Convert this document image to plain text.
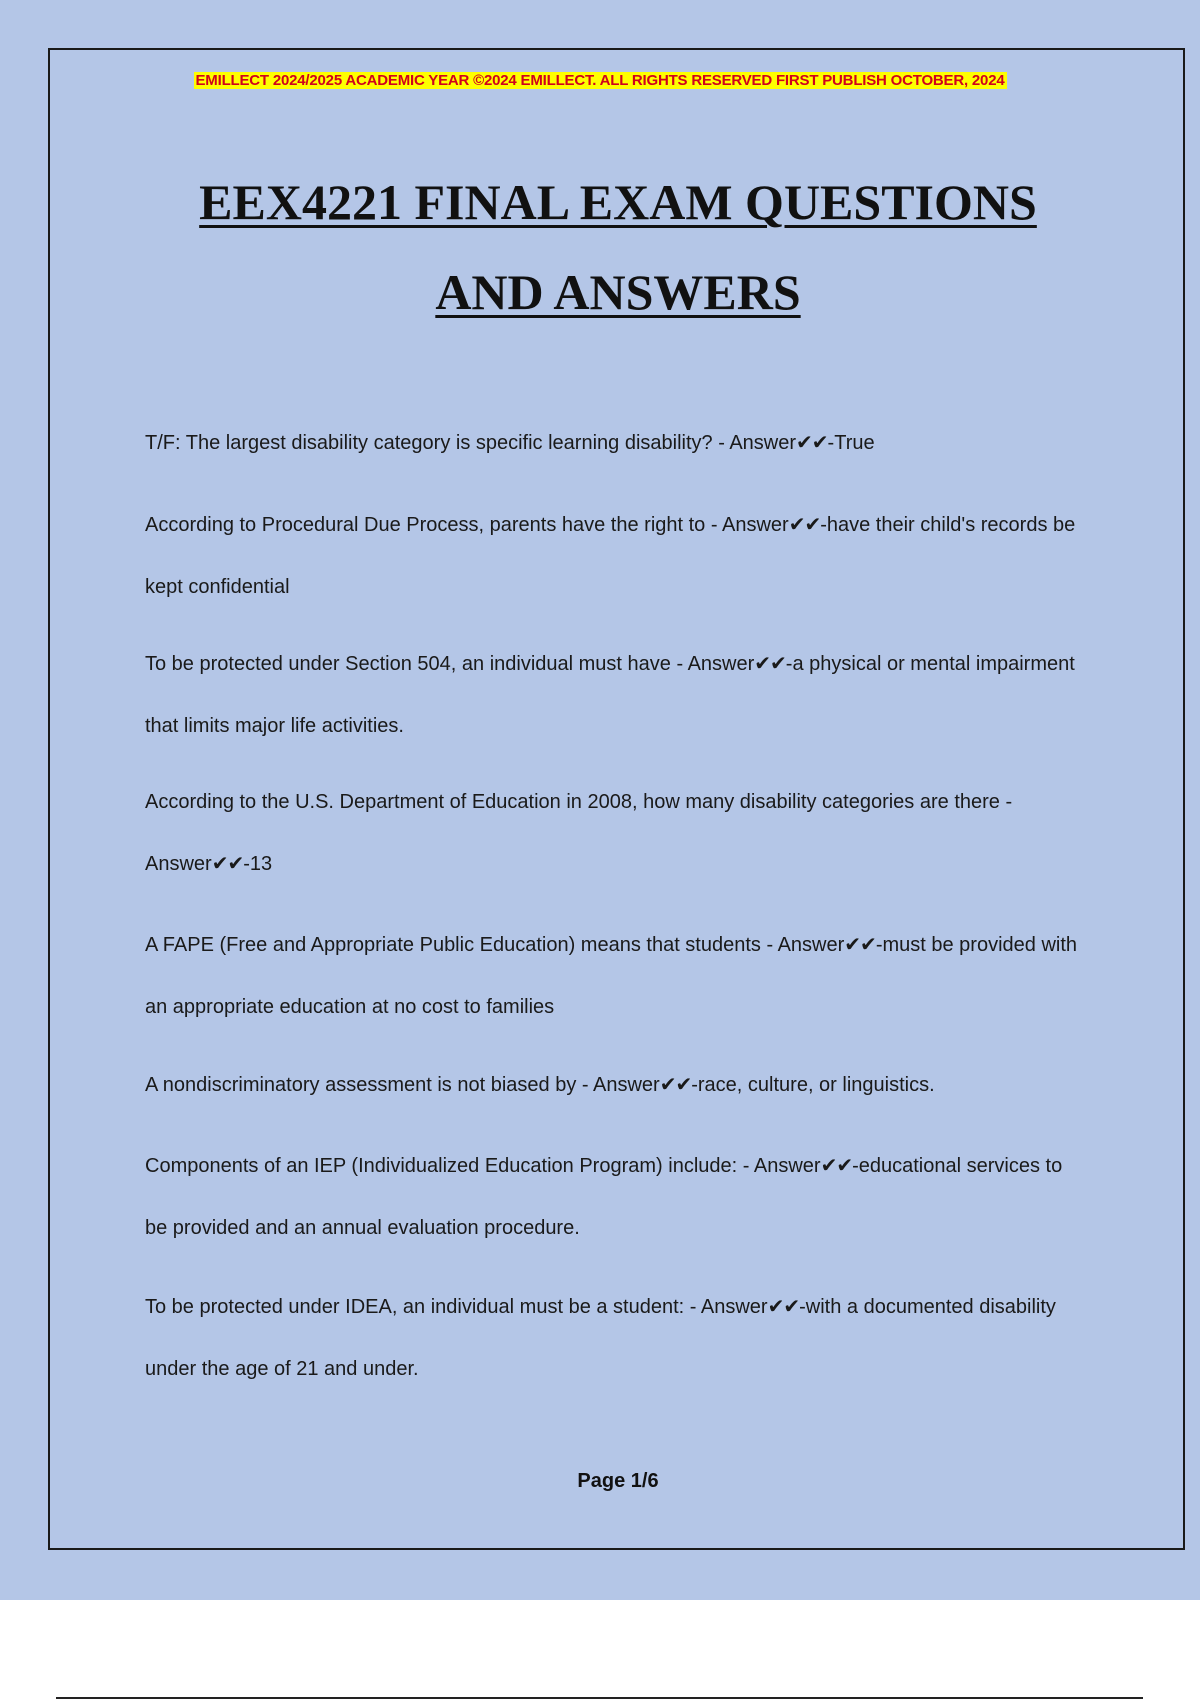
EMILLECT 2024/2025 ACADEMIC YEAR ©2024 EMILLECT. ALL RIGHTS RESERVED FIRST PUBLISH OCTOBER, 2024
EEX4221 FINAL EXAM QUESTIONS
AND ANSWERS
T/F: The largest disability category is specific learning disability? - Answer✔✔-True
According to Procedural Due Process, parents have the right to - Answer✔✔-have their child's records be kept confidential
To be protected under Section 504, an individual must have - Answer✔✔-a physical or mental impairment that limits major life activities.
According to the U.S. Department of Education in 2008, how many disability categories are there - Answer✔✔-13
A FAPE (Free and Appropriate Public Education) means that students - Answer✔✔-must be provided with an appropriate education at no cost to families
A nondiscriminatory assessment is not biased by - Answer✔✔-race, culture, or linguistics.
Components of an IEP (Individualized Education Program) include: - Answer✔✔-educational services to be provided and an annual evaluation procedure.
To be protected under IDEA, an individual must be a student: - Answer✔✔-with a documented disability under the age of 21 and under.
Page 1/6
